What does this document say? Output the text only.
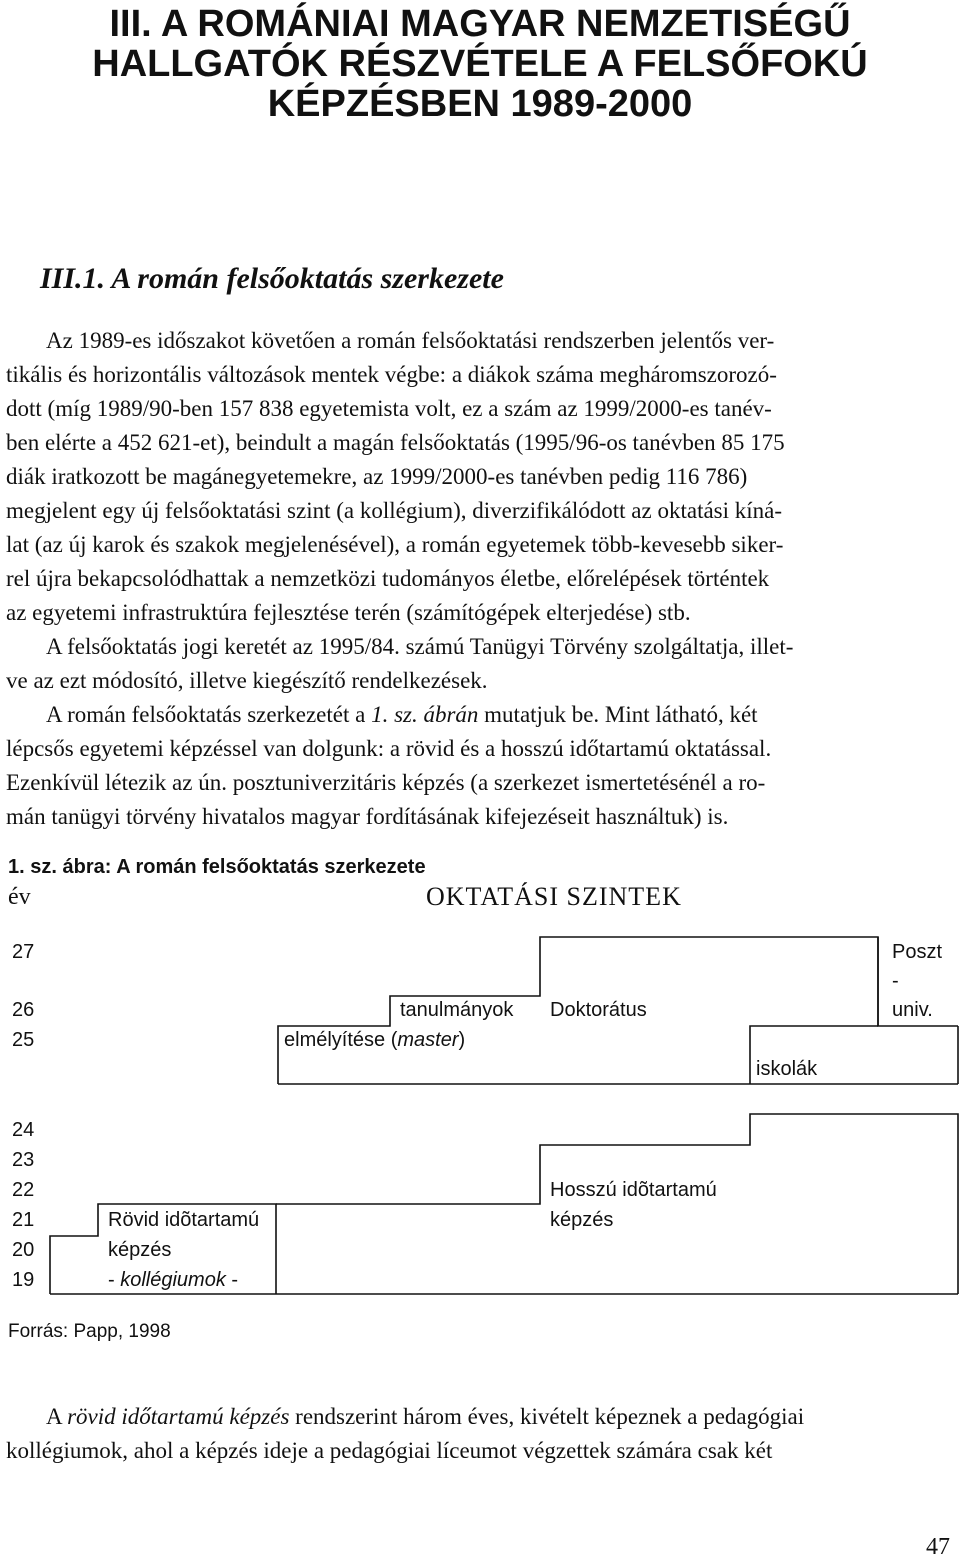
III. A ROMÁNIAI MAGYAR NEMZETISÉGŰ
HALLGATÓK RÉSZVÉTELE A FELSŐFOKÚ
KÉPZÉSBEN 1989-2000
III.1. A román felsőoktatás szerkezete
Az 1989-es időszakot követően a román felsőoktatási rendszerben jelentős ver-
tikális és horizontális változások mentek végbe: a diákok száma megháromszorozó-
dott (míg 1989/90-ben 157 838 egyetemista volt, ez a szám az 1999/2000-es tanév-
ben elérte a 452 621-et), beindult a magán felsőoktatás (1995/96-os tanévben 85 175
diák iratkozott be magánegyetemekre, az 1999/2000-es tanévben pedig 116 786)
megjelent egy új felsőoktatási szint (a kollégium), diverzifikálódott az oktatási kíná-
lat (az új karok és szakok megjelenésével), a román egyetemek több-kevesebb siker-
rel újra bekapcsolódhattak a nemzetközi tudományos életbe, előrelépések történtek
az egyetemi infrastruktúra fejlesztése terén (számítógépek elterjedése) stb.
A felsőoktatás jogi keretét az 1995/84. számú Tanügyi Törvény szolgáltatja, illet-
ve az ezt módosító, illetve kiegészítő rendelkezések.
A román felsőoktatás szerkezetét a 1. sz. ábrán mutatjuk be. Mint látható, két
lépcsős egyetemi képzéssel van dolgunk: a rövid és a hosszú időtartamú oktatással.
Ezenkívül létezik az ún. posztuniverzitáris képzés (a szerkezet ismertetésénél a ro-
mán tanügyi törvény hivatalos magyar fordításának kifejezéseit használtuk) is.
1. sz. ábra: A román felsőoktatás szerkezete
év	OKTATÁSI SZINTEK
27
26
25
24
23
22
21
20
19
tanulmányok
elmélyítése (master)
Doktorátus
iskolák
Poszt
-
univ.
Hosszú idõtartamú
képzés
Rövid idõtartamú
képzés
- kollégiumok -
Forrás: Papp, 1998
A rövid időtartamú képzés rendszerint három éves, kivételt képeznek a pedagógiai
kollégiumok, ahol a képzés ideje a pedagógiai líceumot végzettek számára csak két
47
